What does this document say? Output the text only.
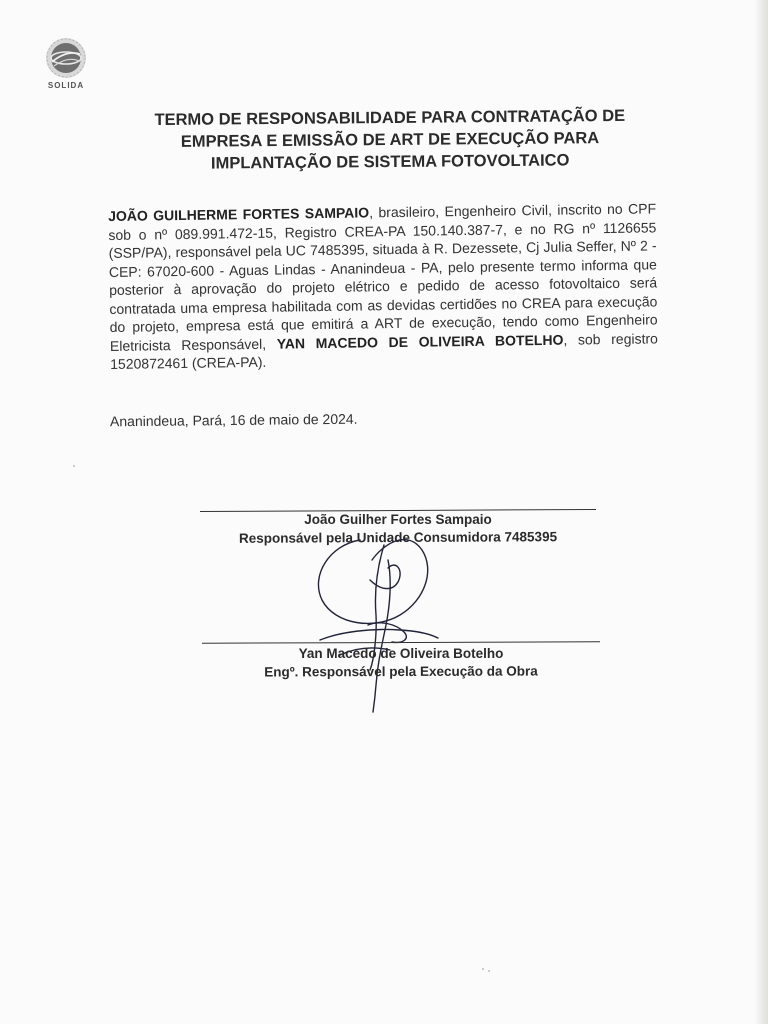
SOLIDA
TERMO DE RESPONSABILIDADE PARA CONTRATAÇÃO DE
EMPRESA E EMISSÃO DE ART DE EXECUÇÃO PARA
IMPLANTAÇÃO DE SISTEMA FOTOVOLTAICO
JOÃO GUILHERME FORTES SAMPAIO, brasileiro, Engenheiro Civil, inscrito no CPF sob o nº 089.991.472-15, Registro CREA-PA 150.140.387-7, e no RG nº 1126655 (SSP/PA), responsável pela UC 7485395, situada à R. Dezessete, Cj Julia Seffer, Nº 2 - CEP: 67020-600 - Aguas Lindas - Ananindeua - PA, pelo presente termo informa que posterior à aprovação do projeto elétrico e pedido de acesso fotovoltaico será contratada uma empresa habilitada com as devidas certidões no CREA para execução do projeto, empresa está que emitirá a ART de execução, tendo como Engenheiro Eletricista Responsável, YAN MACEDO DE OLIVEIRA BOTELHO, sob registro 1520872461 (CREA-PA).
Ananindeua, Pará, 16 de maio de 2024.
João Guilher Fortes Sampaio
Responsável pela Unidade Consumidora 7485395
Yan Macedo de Oliveira Botelho
Engº. Responsável pela Execução da Obra
